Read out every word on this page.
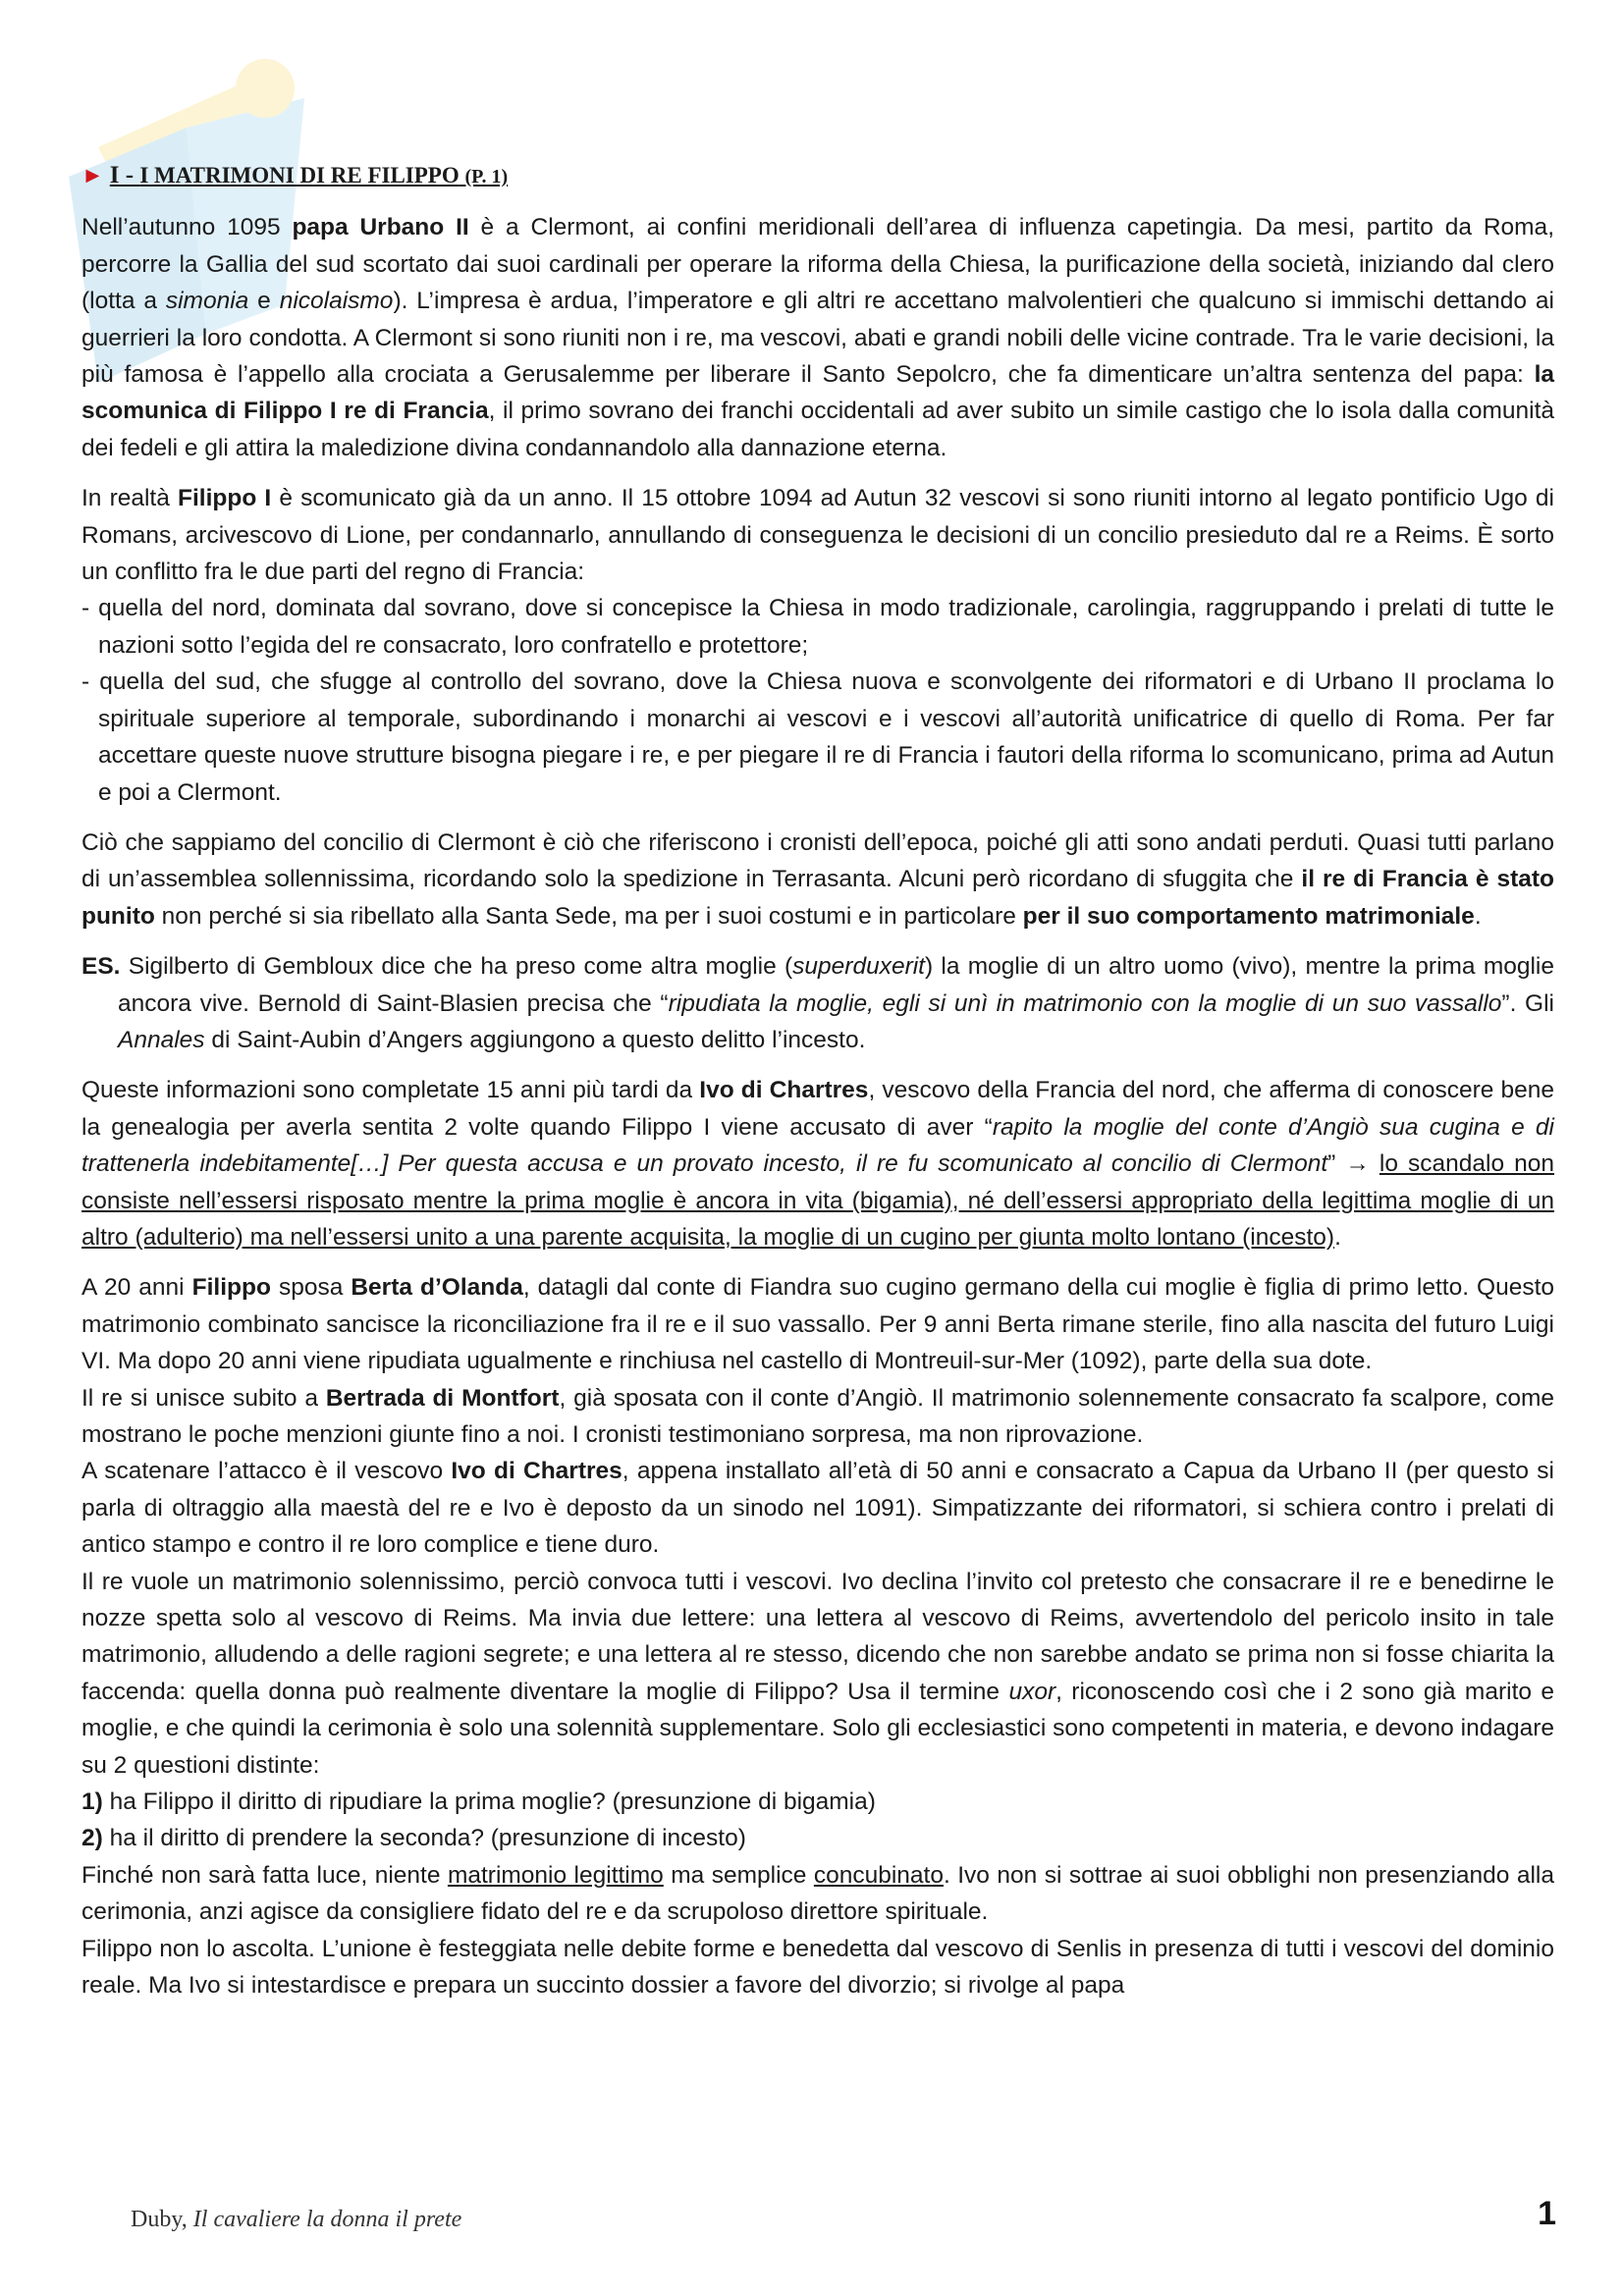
► I - I MATRIMONI DI RE FILIPPO (P. 1)

Nell’autunno 1095 papa Urbano II è a Clermont, ai confini meridionali dell’area di influenza capetingia. Da mesi, partito da Roma, percorre la Gallia del sud scortato dai suoi cardinali per operare la riforma della Chiesa, la purificazione della società, iniziando dal clero (lotta a simonia e nicolaismo). L’impresa è ardua, l’imperatore e gli altri re accettano malvolentieri che qualcuno si immischi dettando ai guerrieri la loro condotta. A Clermont si sono riuniti non i re, ma vescovi, abati e grandi nobili delle vicine contrade. Tra le varie decisioni, la più famosa è l’appello alla crociata a Gerusalemme per liberare il Santo Sepolcro, che fa dimenticare un’altra sentenza del papa: la scomunica di Filippo I re di Francia, il primo sovrano dei franchi occidentali ad aver subito un simile castigo che lo isola dalla comunità dei fedeli e gli attira la maledizione divina condannandolo alla dannazione eterna.

In realtà Filippo I è scomunicato già da un anno. Il 15 ottobre 1094 ad Autun 32 vescovi si sono riuniti intorno al legato pontificio Ugo di Romans, arcivescovo di Lione, per condannarlo, annullando di conseguenza le decisioni di un concilio presieduto dal re a Reims. È sorto un conflitto fra le due parti del regno di Francia:

- quella del nord, dominata dal sovrano, dove si concepisce la Chiesa in modo tradizionale, carolingia, raggruppando i prelati di tutte le nazioni sotto l’egida del re consacrato, loro confratello e protettore;
- quella del sud, che sfugge al controllo del sovrano, dove la Chiesa nuova e sconvolgente dei riformatori e di Urbano II proclama lo spirituale superiore al temporale, subordinando i monarchi ai vescovi e i vescovi all’autorità unificatrice di quello di Roma. Per far accettare queste nuove strutture bisogna piegare i re, e per piegare il re di Francia i fautori della riforma lo scomunicano, prima ad Autun e poi a Clermont.

Ciò che sappiamo del concilio di Clermont è ciò che riferiscono i cronisti dell’epoca, poiché gli atti sono andati perduti. Quasi tutti parlano di un’assemblea sollennissima, ricordando solo la spedizione in Terrasanta. Alcuni però ricordano di sfuggita che il re di Francia è stato punito non perché si sia ribellato alla Santa Sede, ma per i suoi costumi e in particolare per il suo comportamento matrimoniale.

ES. Sigilberto di Gembloux dice che ha preso come altra moglie (superduxerit) la moglie di un altro uomo (vivo), mentre la prima moglie ancora vive. Bernold di Saint-Blasien precisa che “ripudiata la moglie, egli si unì in matrimonio con la moglie di un suo vassallo”. Gli Annales di Saint-Aubin d’Angers aggiungono a questo delitto l’incesto.

Queste informazioni sono completate 15 anni più tardi da Ivo di Chartres, vescovo della Francia del nord, che afferma di conoscere bene la genealogia per averla sentita 2 volte quando Filippo I viene accusato di aver “rapito la moglie del conte d’Angiò sua cugina e di trattenerla indebitamente[…] Per questa accusa e un provato incesto, il re fu scomunicato al concilio di Clermont” → lo scandalo non consiste nell’essersi risposato mentre la prima moglie è ancora in vita (bigamia), né dell’essersi appropriato della legittima moglie di un altro (adulterio) ma nell’essersi unito a una parente acquisita, la moglie di un cugino per giunta molto lontano (incesto).

A 20 anni Filippo sposa Berta d’Olanda, datagli dal conte di Fiandra suo cugino germano della cui moglie è figlia di primo letto. Questo matrimonio combinato sancisce la riconciliazione fra il re e il suo vassallo. Per 9 anni Berta rimane sterile, fino alla nascita del futuro Luigi VI. Ma dopo 20 anni viene ripudiata ugualmente e rinchiusa nel castello di Montreuil-sur-Mer (1092), parte della sua dote.

Il re si unisce subito a Bertrada di Montfort, già sposata con il conte d’Angiò. Il matrimonio solennemente consacrato fa scalpore, come mostrano le poche menzioni giunte fino a noi. I cronisti testimoniano sorpresa, ma non riprovazione.

A scatenare l’attacco è il vescovo Ivo di Chartres, appena installato all’età di 50 anni e consacrato a Capua da Urbano II (per questo si parla di oltraggio alla maestà del re e Ivo è deposto da un sinodo nel 1091). Simpatizzante dei riformatori, si schiera contro i prelati di antico stampo e contro il re loro complice e tiene duro.

Il re vuole un matrimonio solennissimo, perciò convoca tutti i vescovi. Ivo declina l’invito col pretesto che consacrare il re e benedirne le nozze spetta solo al vescovo di Reims. Ma invia due lettere: una lettera al vescovo di Reims, avvertendolo del pericolo insito in tale matrimonio, alludendo a delle ragioni segrete; e una lettera al re stesso, dicendo che non sarebbe andato se prima non si fosse chiarita la faccenda: quella donna può realmente diventare la moglie di Filippo? Usa il termine uxor, riconoscendo così che i 2 sono già marito e moglie, e che quindi la cerimonia è solo una solennità supplementare. Solo gli ecclesiastici sono competenti in materia, e devono indagare su 2 questioni distinte:

1) ha Filippo il diritto di ripudiare la prima moglie? (presunzione di bigamia)

2) ha il diritto di prendere la seconda? (presunzione di incesto)

Finché non sarà fatta luce, niente matrimonio legittimo ma semplice concubinato. Ivo non si sottrae ai suoi obblighi non presenziando alla cerimonia, anzi agisce da consigliere fidato del re e da scrupoloso direttore spirituale.

Filippo non lo ascolta. L’unione è festeggiata nelle debite forme e benedetta dal vescovo di Senlis in presenza di tutti i vescovi del dominio reale. Ma Ivo si intestardisce e prepara un succinto dossier a favore del divorzio; si rivolge al papa

Duby, Il cavaliere la donna il prete	1
